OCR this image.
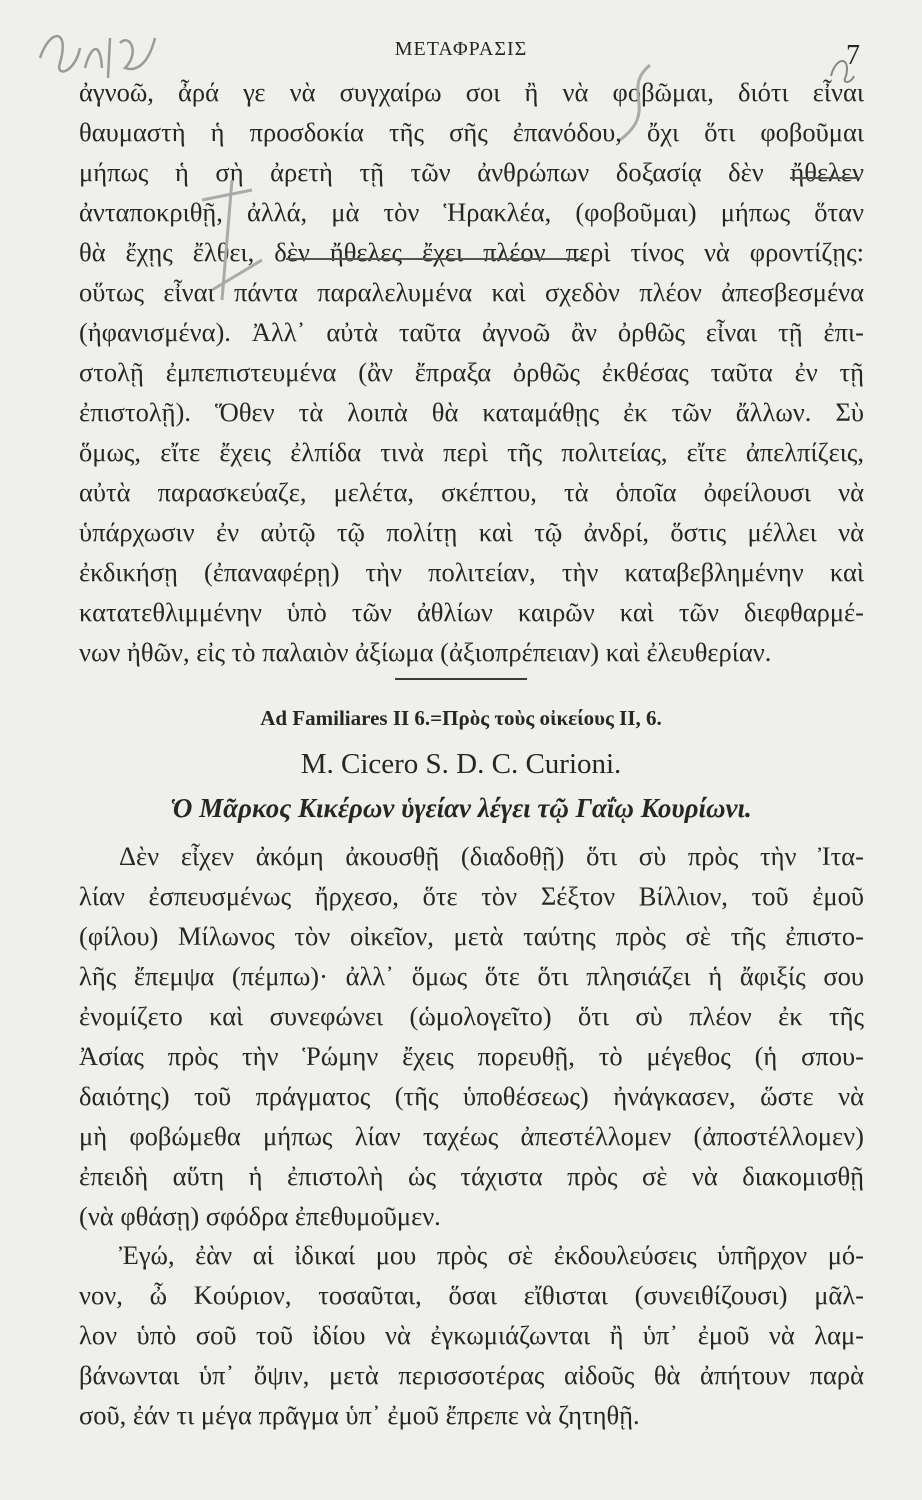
ΜΕΤΑΦΡΑΣΙΣ	7
ἀγνοῶ, ἆρά γε νὰ συγχαίρω σοι ἢ νὰ φοβῶμαι, διότι εἶναι
θαυμαστὴ ἡ προσδοκία τῆς σῆς ἐπανόδου, ὄχι ὅτι φοβοῦμαι
μήπως ἡ σὴ ἀρετὴ τῇ τῶν ἀνθρώπων δοξασίᾳ δὲν ἤθελεν
ἀνταποκριθῇ, ἀλλά, μὰ τὸν Ἡρακλέα, (φοβοῦμαι) μήπως ὅταν
θὰ ἔχῃς ἔλθει, δὲν ἤθελες ἔχει πλέον περὶ τίνος νὰ φροντίζῃς:
οὕτως εἶναι πάντα παραλελυμένα καὶ σχεδὸν πλέον ἀπεσβεσμένα
(ἠφανισμένα). Ἀλλ᾽ αὐτὰ ταῦτα ἀγνοῶ ἂν ὀρθῶς εἶναι τῇ ἐπι-
στολῇ ἐμπεπιστευμένα (ἂν ἔπραξα ὀρθῶς ἐκθέσας ταῦτα ἐν τῇ
ἐπιστολῇ). Ὅθεν τὰ λοιπὰ θὰ καταμάθῃς ἐκ τῶν ἄλλων. Σὺ
ὅμως, εἴτε ἔχεις ἐλπίδα τινὰ περὶ τῆς πολιτείας, εἴτε ἀπελπίζεις,
αὐτὰ παρασκεύαζε, μελέτα, σκέπτου, τὰ ὁποῖα ὀφείλουσι νὰ
ὑπάρχωσιν ἐν αὐτῷ τῷ πολίτῃ καὶ τῷ ἀνδρί, ὅστις μέλλει νὰ
ἐκδικήσῃ (ἐπαναφέρῃ) τὴν πολιτείαν, τὴν καταβεβλημένην καὶ
κατατεθλιμμένην ὑπὸ τῶν ἀθλίων καιρῶν καὶ τῶν διεφθαρμέ-
νων ἠθῶν, εἰς τὸ παλαιὸν ἀξίωμα (ἀξιοπρέπειαν) καὶ ἐλευθερίαν.
Ad Familiares II 6.=Πρὸς τοὺς οἰκείους II, 6.
M. Cicero S. D. C. Curioni.
Ὁ Μᾶρκος Κικέρων ὑγείαν λέγει τῷ Γαΐῳ Κουρίωνι.
Δὲν εἶχεν ἀκόμη ἀκουσθῇ (διαδοθῇ) ὅτι σὺ πρὸς τὴν Ἰτα-
λίαν ἐσπευσμένως ἤρχεσο, ὅτε τὸν Σέξτον Βίλλιον, τοῦ ἐμοῦ
(φίλου) Μίλωνος τὸν οἰκεῖον, μετὰ ταύτης πρὸς σὲ τῆς ἐπιστο-
λῆς ἔπεμψα (πέμπω)· ἀλλ᾽ ὅμως ὅτε ὅτι πλησιάζει ἡ ἄφιξίς σου
ἐνομίζετο καὶ συνεφώνει (ὡμολογεῖτο) ὅτι σὺ πλέον ἐκ τῆς
Ἀσίας πρὸς τὴν Ῥώμην ἔχεις πορευθῇ, τὸ μέγεθος (ἡ σπου-
δαιότης) τοῦ πράγματος (τῆς ὑποθέσεως) ἠνάγκασεν, ὥστε νὰ
μὴ φοβώμεθα μήπως λίαν ταχέως ἀπεστέλλομεν (ἀποστέλλομεν)
ἐπειδὴ αὕτη ἡ ἐπιστολὴ ὡς τάχιστα πρὸς σὲ νὰ διακομισθῇ
(νὰ φθάσῃ) σφόδρα ἐπεθυμοῦμεν.
Ἐγώ, ἐὰν αἱ ἰδικαί μου πρὸς σὲ ἐκδουλεύσεις ὑπῆρχον μό-
νον, ὦ Κούριον, τοσαῦται, ὅσαι εἴθισται (συνειθίζουσι) μᾶλ-
λον ὑπὸ σοῦ τοῦ ἰδίου νὰ ἐγκωμιάζωνται ἢ ὑπ᾽ ἐμοῦ νὰ λαμ-
βάνωνται ὑπ᾽ ὄψιν, μετὰ περισσοτέρας αἰδοῦς θὰ ἀπήτουν παρὰ
σοῦ, ἐάν τι μέγα πρᾶγμα ὑπ᾽ ἐμοῦ ἔπρεπε νὰ ζητηθῇ.
